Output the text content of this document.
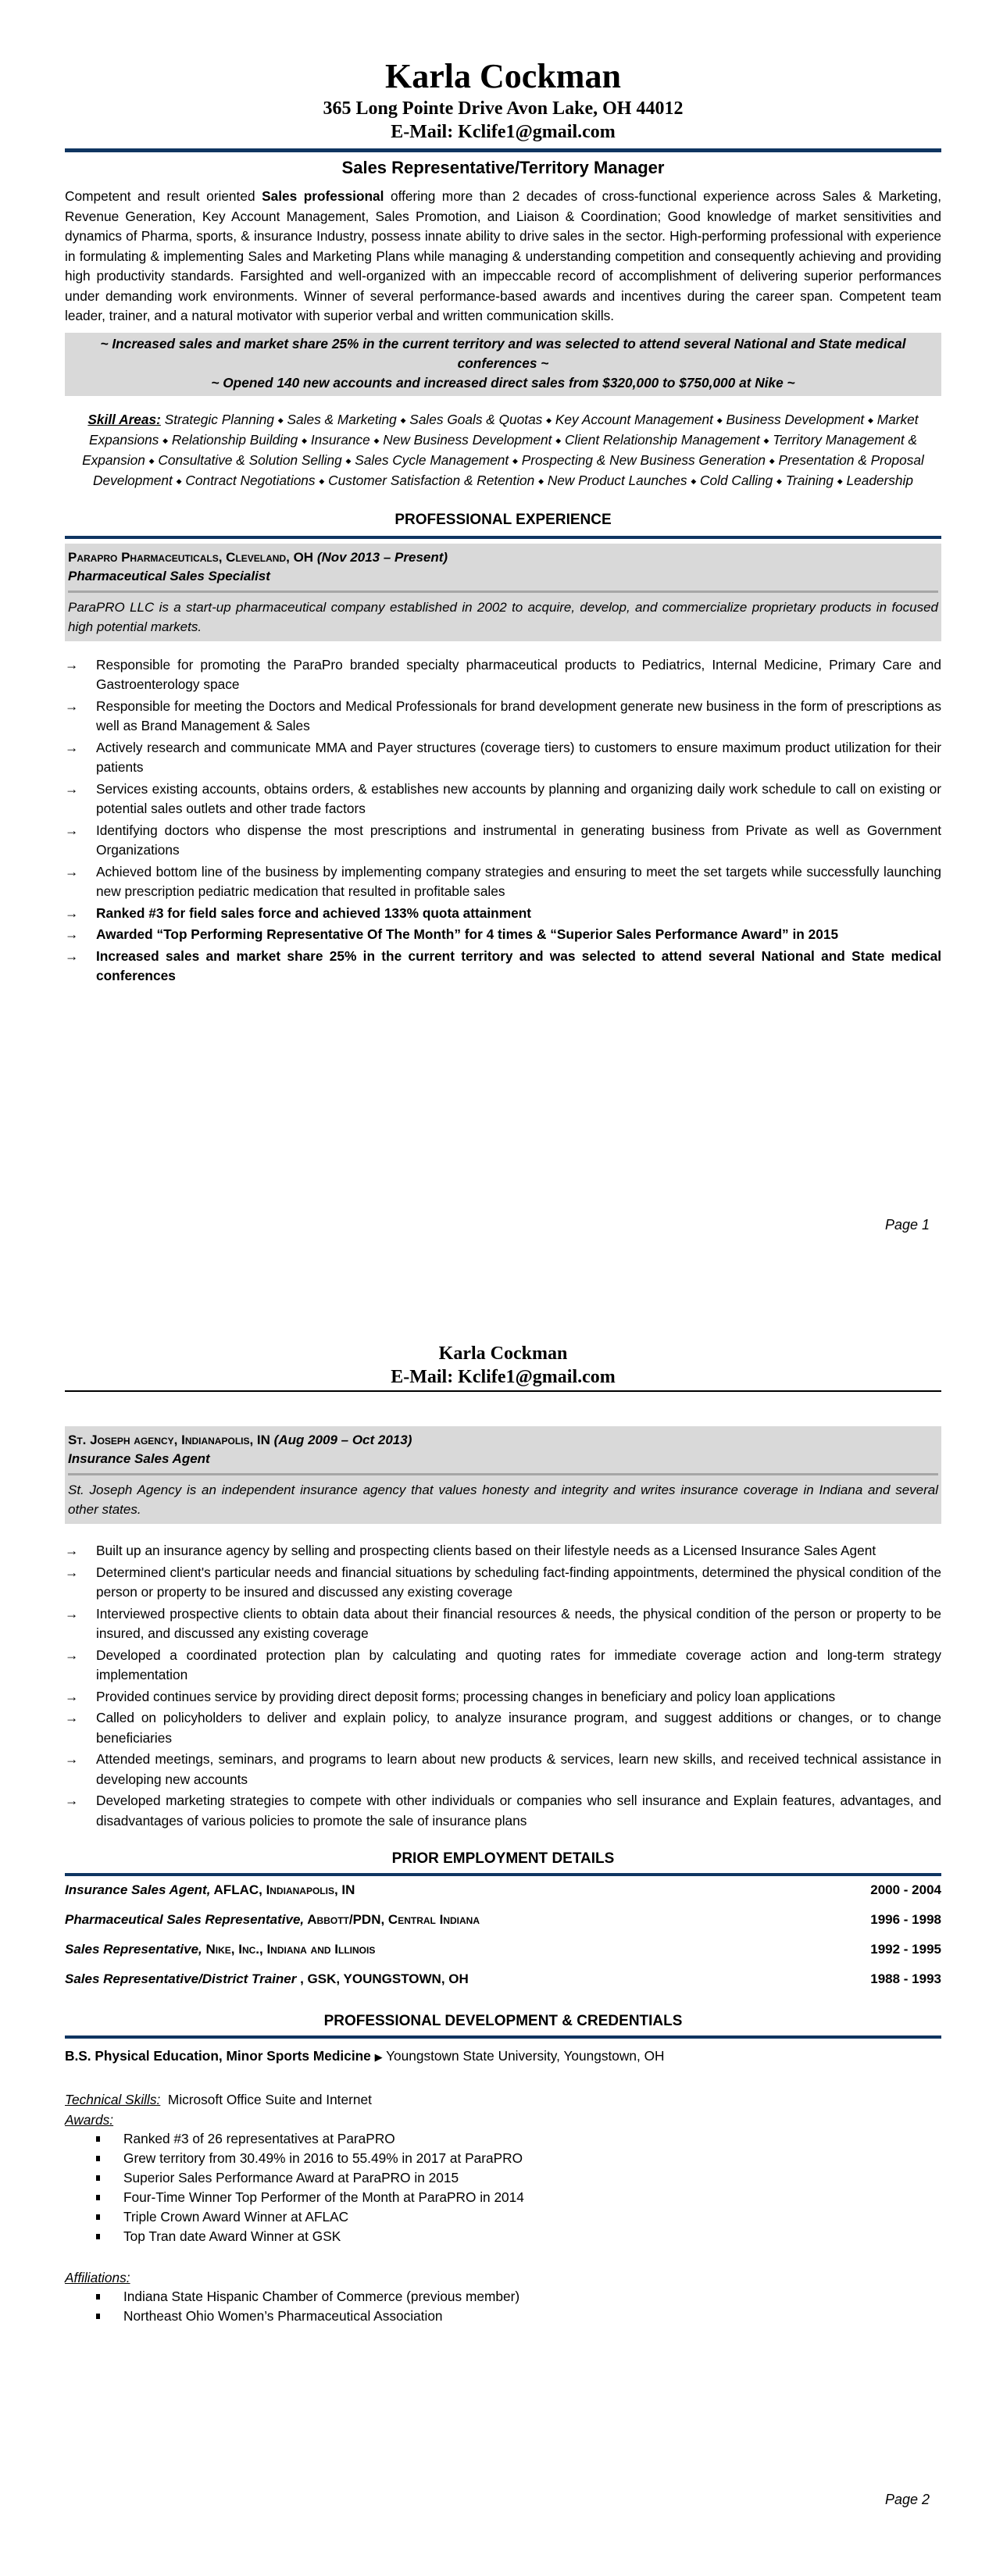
Karla Cockman
365 Long Pointe Drive Avon Lake, OH 44012
E-Mail: Kclife1@gmail.com
Sales Representative/Territory Manager
Competent and result oriented Sales professional offering more than 2 decades of cross-functional experience across Sales & Marketing, Revenue Generation, Key Account Management, Sales Promotion, and Liaison & Coordination; Good knowledge of market sensitivities and dynamics of Pharma, sports, & insurance Industry, possess innate ability to drive sales in the sector. High-performing professional with experience in formulating & implementing Sales and Marketing Plans while managing & understanding competition and consequently achieving and providing high productivity standards. Farsighted and well-organized with an impeccable record of accomplishment of delivering superior performances under demanding work environments. Winner of several performance-based awards and incentives during the career span. Competent team leader, trainer, and a natural motivator with superior verbal and written communication skills.
~ Increased sales and market share 25% in the current territory and was selected to attend several National and State medical conferences ~
~ Opened 140 new accounts and increased direct sales from $320,000 to $750,000 at Nike ~
Skill Areas: Strategic Planning ◆ Sales & Marketing ◆ Sales Goals & Quotas ◆ Key Account Management ◆ Business Development ◆ Market Expansions ◆ Relationship Building ◆ Insurance ◆ New Business Development ◆ Client Relationship Management ◆ Territory Management & Expansion ◆ Consultative & Solution Selling ◆ Sales Cycle Management ◆ Prospecting & New Business Generation ◆ Presentation & Proposal Development ◆ Contract Negotiations ◆ Customer Satisfaction & Retention ◆ New Product Launches ◆ Cold Calling ◆ Training ◆ Leadership
PROFESSIONAL EXPERIENCE
Parapro Pharmaceuticals, Cleveland, OH (Nov 2013 – Present)
Pharmaceutical Sales Specialist
ParaPRO LLC is a start-up pharmaceutical company established in 2002 to acquire, develop, and commercialize proprietary products in focused high potential markets.
→ Responsible for promoting the ParaPro branded specialty pharmaceutical products to Pediatrics, Internal Medicine, Primary Care and Gastroenterology space
→ Responsible for meeting the Doctors and Medical Professionals for brand development generate new business in the form of prescriptions as well as Brand Management & Sales
→ Actively research and communicate MMA and Payer structures (coverage tiers) to customers to ensure maximum product utilization for their patients
→ Services existing accounts, obtains orders, & establishes new accounts by planning and organizing daily work schedule to call on existing or potential sales outlets and other trade factors
→ Identifying doctors who dispense the most prescriptions and instrumental in generating business from Private as well as Government Organizations
→ Achieved bottom line of the business by implementing company strategies and ensuring to meet the set targets while successfully launching new prescription pediatric medication that resulted in profitable sales
→ Ranked #3 for field sales force and achieved 133% quota attainment
→ Awarded “Top Performing Representative Of The Month” for 4 times & “Superior Sales Performance Award” in 2015
→ Increased sales and market share 25% in the current territory and was selected to attend several National and State medical conferences
Page 1
Karla Cockman
E-Mail: Kclife1@gmail.com
St. Joseph agency, Indianapolis, IN (Aug 2009 – Oct 2013)
Insurance Sales Agent
St. Joseph Agency is an independent insurance agency that values honesty and integrity and writes insurance coverage in Indiana and several other states.
→ Built up an insurance agency by selling and prospecting clients based on their lifestyle needs as a Licensed Insurance Sales Agent
→ Determined client's particular needs and financial situations by scheduling fact-finding appointments, determined the physical condition of the person or property to be insured and discussed any existing coverage
→ Interviewed prospective clients to obtain data about their financial resources & needs, the physical condition of the person or property to be insured, and discussed any existing coverage
→ Developed a coordinated protection plan by calculating and quoting rates for immediate coverage action and long-term strategy implementation
→ Provided continues service by providing direct deposit forms; processing changes in beneficiary and policy loan applications
→ Called on policyholders to deliver and explain policy, to analyze insurance program, and suggest additions or changes, or to change beneficiaries
→ Attended meetings, seminars, and programs to learn about new products & services, learn new skills, and received technical assistance in developing new accounts
→ Developed marketing strategies to compete with other individuals or companies who sell insurance and Explain features, advantages, and disadvantages of various policies to promote the sale of insurance plans
PRIOR EMPLOYMENT DETAILS
Insurance Sales Agent, AFLAC, Indianapolis, IN	2000 - 2004
Pharmaceutical Sales Representative, Abbott/PDN, Central Indiana	1996 - 1998
Sales Representative, Nike, Inc., Indiana and Illinois	1992 - 1995
Sales Representative/District Trainer , GSK, YOUNGSTOWN, OH	1988 - 1993
PROFESSIONAL DEVELOPMENT & CREDENTIALS
B.S. Physical Education, Minor Sports Medicine ▶ Youngstown State University, Youngstown, OH
Technical Skills: Microsoft Office Suite and Internet
Awards:
Ranked #3 of 26 representatives at ParaPRO
Grew territory from 30.49% in 2016 to 55.49% in 2017 at ParaPRO
Superior Sales Performance Award at ParaPRO in 2015
Four-Time Winner Top Performer of the Month at ParaPRO in 2014
Triple Crown Award Winner at AFLAC
Top Tran date Award Winner at GSK
Affiliations:
Indiana State Hispanic Chamber of Commerce (previous member)
Northeast Ohio Women’s Pharmaceutical Association
Page 2
